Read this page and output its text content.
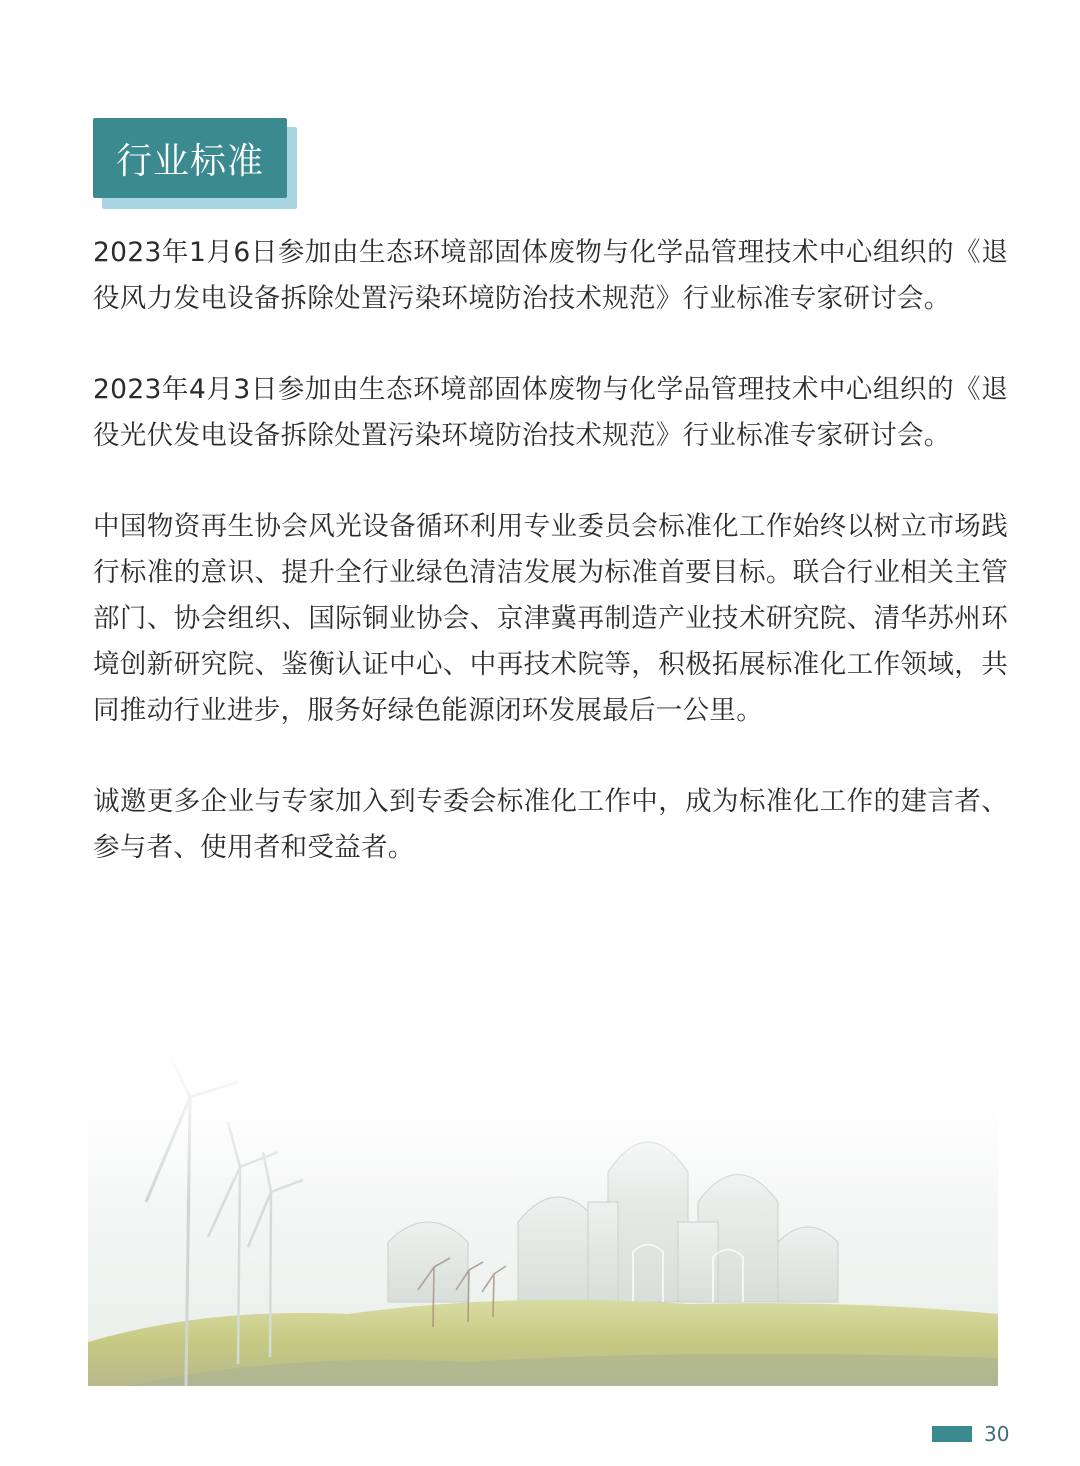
行业标准

2023年1月6日参加由生态环境部固体废物与化学品管理技术中心组织的《退役风力发电设备拆除处置污染环境防治技术规范》行业标准专家研讨会。

2023年4月3日参加由生态环境部固体废物与化学品管理技术中心组织的《退役光伏发电设备拆除处置污染环境防治技术规范》行业标准专家研讨会。

中国物资再生协会风光设备循环利用专业委员会标准化工作始终以树立市场践行标准的意识、提升全行业绿色清洁发展为标准首要目标。联合行业相关主管部门、协会组织、国际铜业协会、京津冀再制造产业技术研究院、清华苏州环境创新研究院、鉴衡认证中心、中再技术院等，积极拓展标准化工作领域，共同推动行业进步，服务好绿色能源闭环发展最后一公里。

诚邀更多企业与专家加入到专委会标准化工作中，成为标准化工作的建言者、参与者、使用者和受益者。

30
